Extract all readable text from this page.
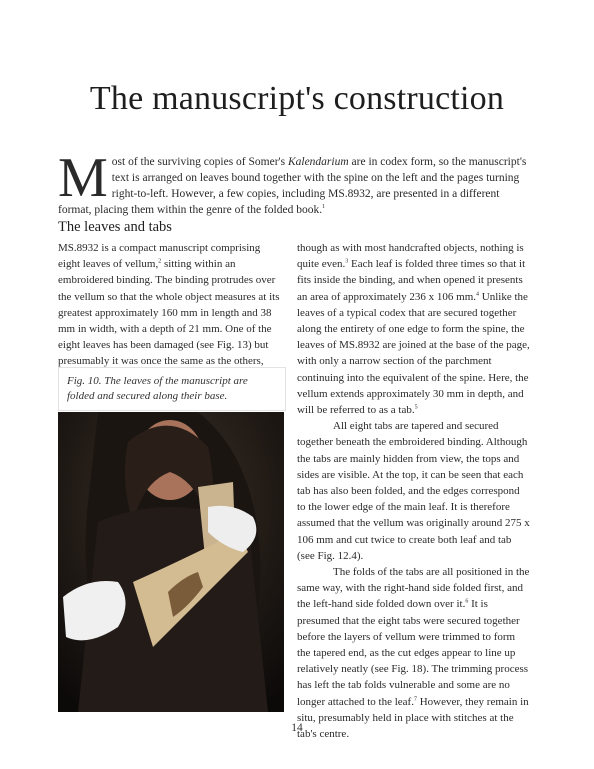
The manuscript's construction
M ost of the surviving copies of Somer's Kalendarium are in codex form, so the manuscript's text is arranged on leaves bound together with the spine on the left and the pages turning right-to-left. However, a few copies, including MS.8932, are presented in a different format, placing them within the genre of the folded book.$^1$

The leaves and tabs

MS.8932 is a compact manuscript comprising eight leaves of vellum,$^2$ sitting within an embroidered binding. The binding protrudes over the vellum so that the whole object measures at its greatest approximately 160 mm in length and 38 mm in width, with a depth of 21 mm. One of the eight leaves has been damaged (see Fig. 13) but presumably it was once the same as the others,

Fig. 10. The leaves of the manuscript are folded and secured along their base.

though as with most handcrafted objects, nothing is quite even.$^3$ Each leaf is folded three times so that it fits inside the binding, and when opened it presents an area of approximately 236 x 106 mm.$^4$ Unlike the leaves of a typical codex that are secured together along the entirety of one edge to form the spine, the leaves of MS.8932 are joined at the base of the page, with only a narrow section of the parchment continuing into the equivalent of the spine. Here, the vellum extends approximately 30 mm in depth, and will be referred to as a tab.$^5$

All eight tabs are tapered and secured together beneath the embroidered binding. Although the tabs are mainly hidden from view, the tops and sides are visible. At the top, it can be seen that each tab has also been folded, and the edges correspond to the lower edge of the main leaf. It is therefore assumed that the vellum was originally around 275 x 106 mm and cut twice to create both leaf and tab (see Fig. 12.4).

The folds of the tabs are all positioned in the same way, with the right-hand side folded first, and the left-hand side folded down over it.$^6$ It is presumed that the eight tabs were secured together before the layers of vellum were trimmed to form the tapered end, as the cut edges appear to line up relatively neatly (see Fig. 18). The trimming process has left the tab folds vulnerable and some are no longer attached to the leaf.$^7$ However, they remain in situ, presumably held in place with stitches at the tab's centre.

14
